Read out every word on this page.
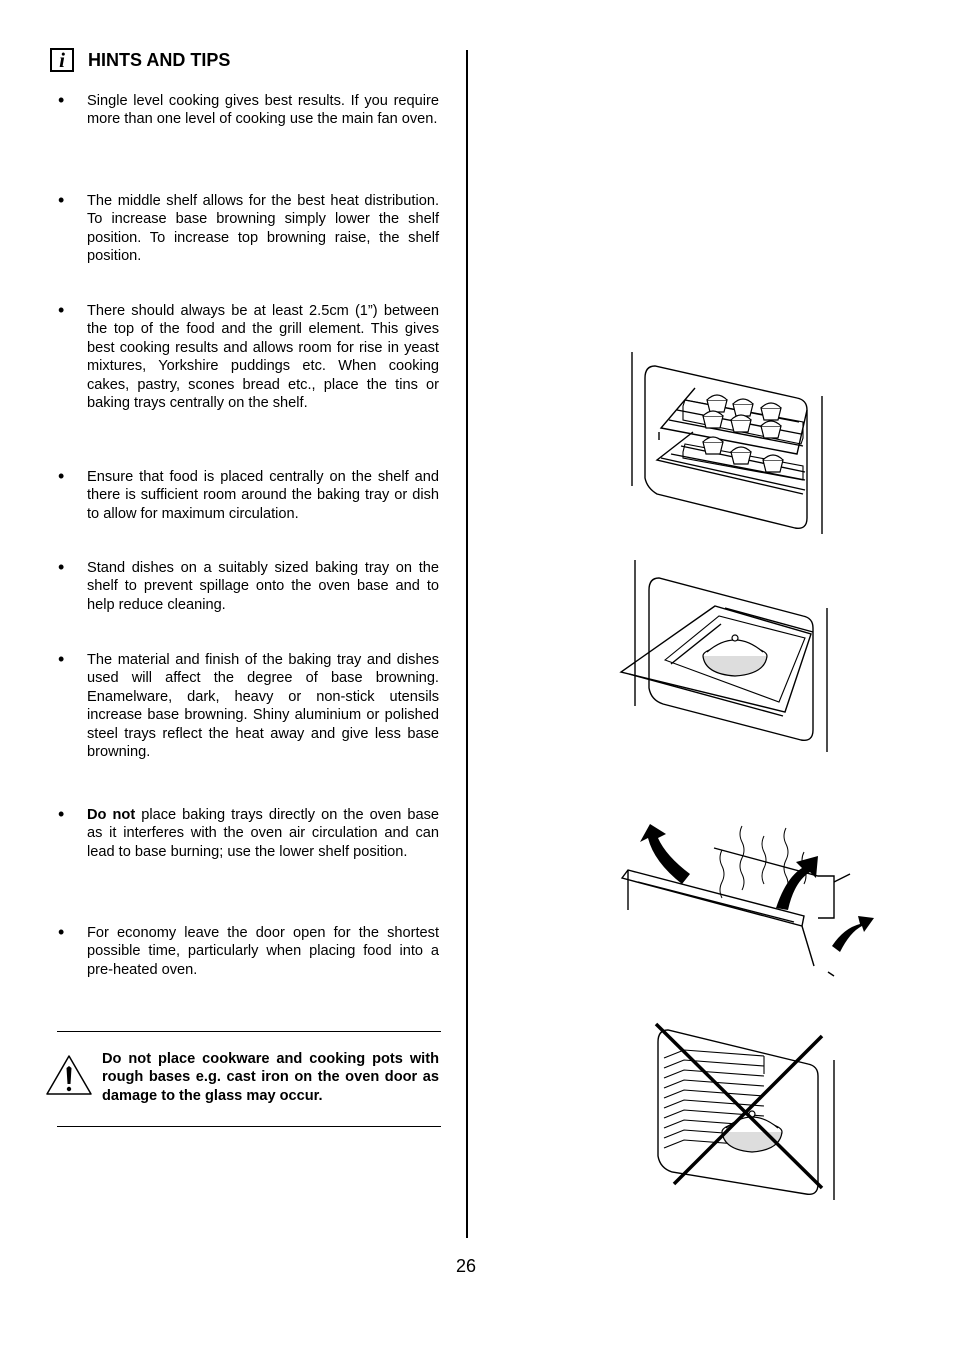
i	HINTS AND TIPS
• Single level cooking gives best results. If you require more than one level of cooking use the main fan oven.
• The middle shelf allows for the best heat distribution. To increase base browning simply lower the shelf position. To increase top browning raise, the shelf position.
• There should always be at least 2.5cm (1”) between the top of the food and the grill element. This gives best cooking results and allows room for rise in yeast mixtures, Yorkshire puddings etc. When cooking cakes, pastry, scones bread etc., place the tins or baking trays centrally on the shelf.
• Ensure that food is placed centrally on the shelf and there is sufficient room around the baking tray or dish to allow for maximum circulation.
• Stand dishes on a suitably sized baking tray on the shelf to prevent spillage onto the oven base and to help reduce cleaning.
• The material and finish of the baking tray and dishes used will affect the degree of base browning. Enamelware, dark, heavy or non-stick utensils increase base browning. Shiny aluminium or polished steel trays reflect the heat away and give less base browning.
• Do not place baking trays directly on the oven base as it interferes with the oven air circulation and can lead to base burning; use the lower shelf position.
• For economy leave the door open for the shortest possible time, particularly when placing food into a pre-heated oven.
Do not place cookware and cooking pots with rough bases e.g. cast iron on the oven door as damage to the glass may occur.
26
